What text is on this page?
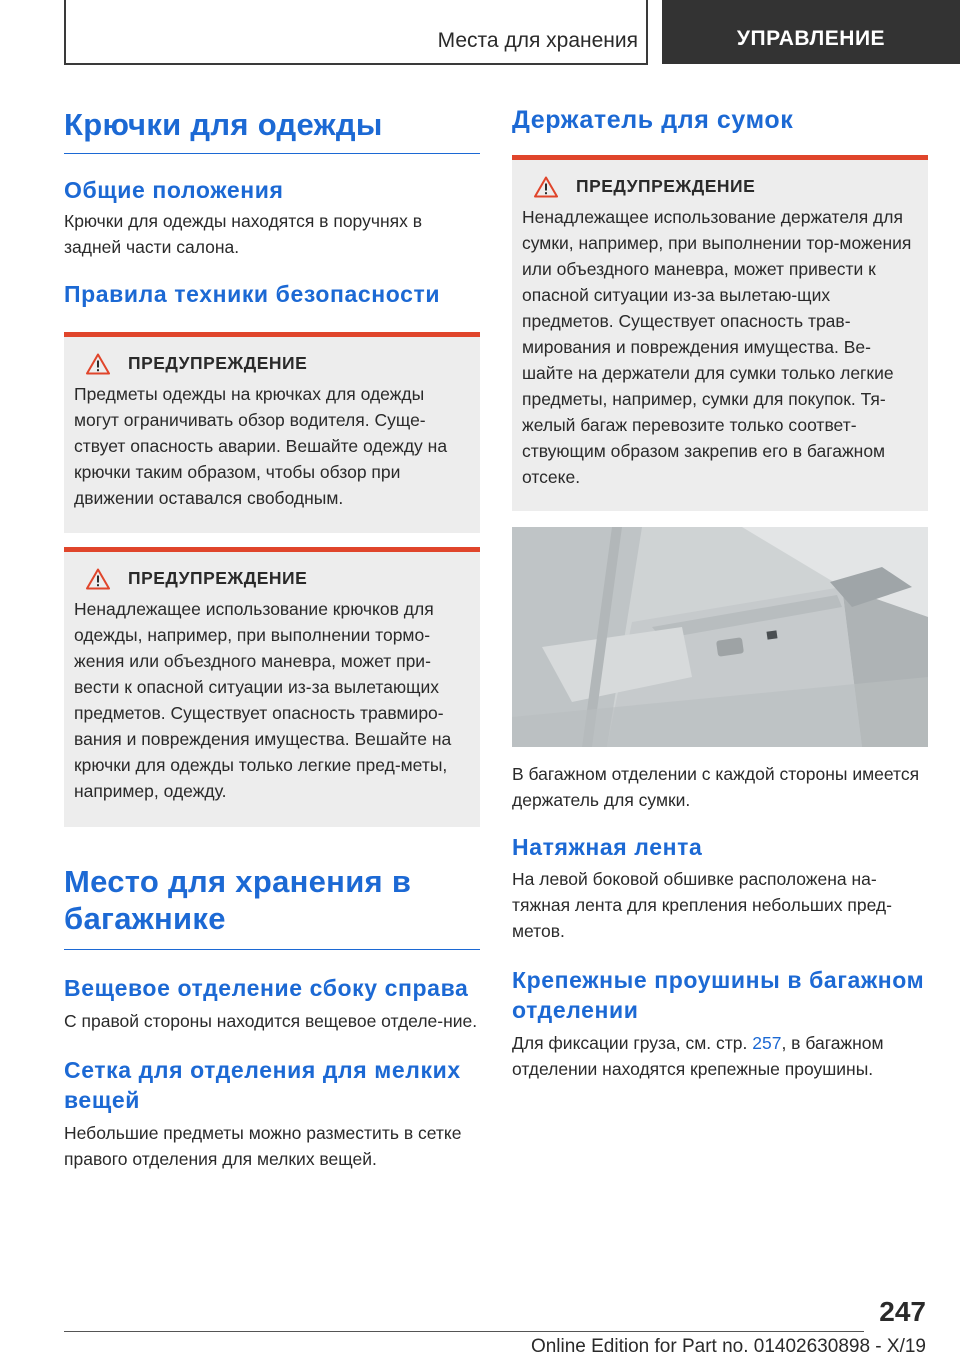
Места для хранения	УПРАВЛЕНИЕ
Крючки для одежды
Общие положения
Крючки для одежды находятся в поручнях в задней части салона.
Правила техники безопасности
ПРЕДУПРЕЖДЕНИЕ
Предметы одежды на крючках для одежды могут ограничивать обзор водителя. Суще-ствует опасность аварии. Вешайте одежду на крючки таким образом, чтобы обзор при движении оставался свободным.
ПРЕДУПРЕЖДЕНИЕ
Ненадлежащее использование крючков для одежды, например, при выполнении тормо-жения или объездного маневра, может при-вести к опасной ситуации из-за вылетающих предметов. Существует опасность травмиро-вания и повреждения имущества. Вешайте на крючки для одежды только легкие пред-меты, например, одежду.
Место для хранения в багажнике
Вещевое отделение сбоку справа
С правой стороны находится вещевое отделе-ние.
Сетка для отделения для мелких вещей
Небольшие предметы можно разместить в сетке правого отделения для мелких вещей.
Держатель для сумок
ПРЕДУПРЕЖДЕНИЕ
Ненадлежащее использование держателя для сумки, например, при выполнении тор-можения или объездного маневра, может привести к опасной ситуации из-за вылетаю-щих предметов. Существует опасность трав-мирования и повреждения имущества. Ве-шайте на держатели для сумки только легкие предметы, например, сумки для покупок. Тя-желый багаж перевозите только соответ-ствующим образом закрепив его в багажном отсеке.
В багажном отделении с каждой стороны имеется держатель для сумки.
Натяжная лента
На левой боковой обшивке расположена на-тяжная лента для крепления небольших пред-метов.
Крепежные проушины в багажном отделении
Для фиксации груза, см. стр. 257, в багажном отделении находятся крепежные проушины.
247
Online Edition for Part no. 01402630898 - X/19
